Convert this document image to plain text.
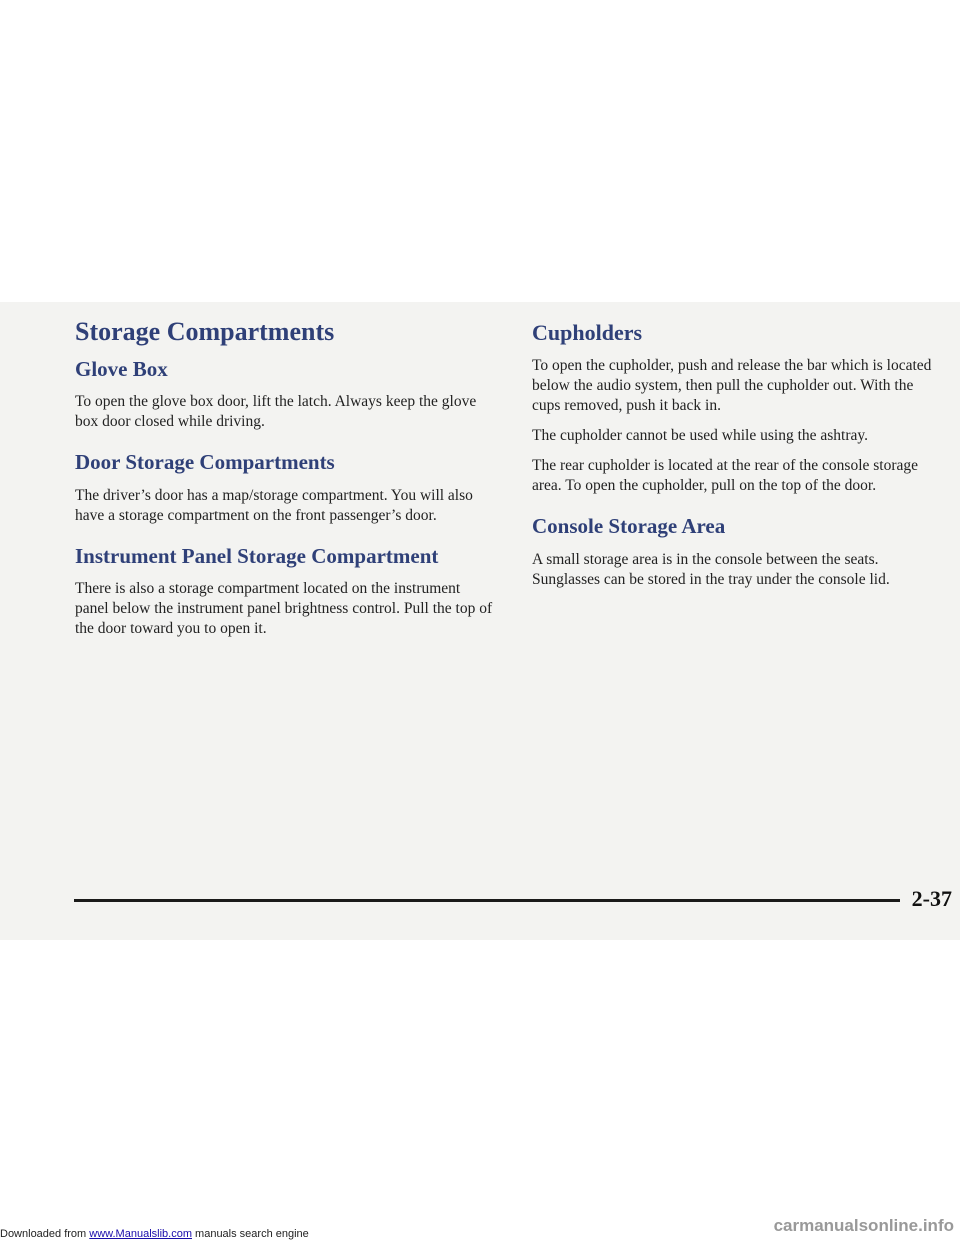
Storage Compartments
Glove Box

To open the glove box door, lift the latch. Always keep the glove box door closed while driving.

Door Storage Compartments

The driver’s door has a map/storage compartment. You will also have a storage compartment on the front passenger’s door.

Instrument Panel Storage Compartment

There is also a storage compartment located on the instrument panel below the instrument panel brightness control. Pull the top of the door toward you to open it.

Cupholders

To open the cupholder, push and release the bar which is located below the audio system, then pull the cupholder out. With the cups removed, push it back in.

The cupholder cannot be used while using the ashtray.

The rear cupholder is located at the rear of the console storage area. To open the cupholder, pull on the top of the door.

Console Storage Area

A small storage area is in the console between the seats. Sunglasses can be stored in the tray under the console lid.

2-37
Downloaded from www.Manualslib.com manuals search engine	carmanualsonline.info
